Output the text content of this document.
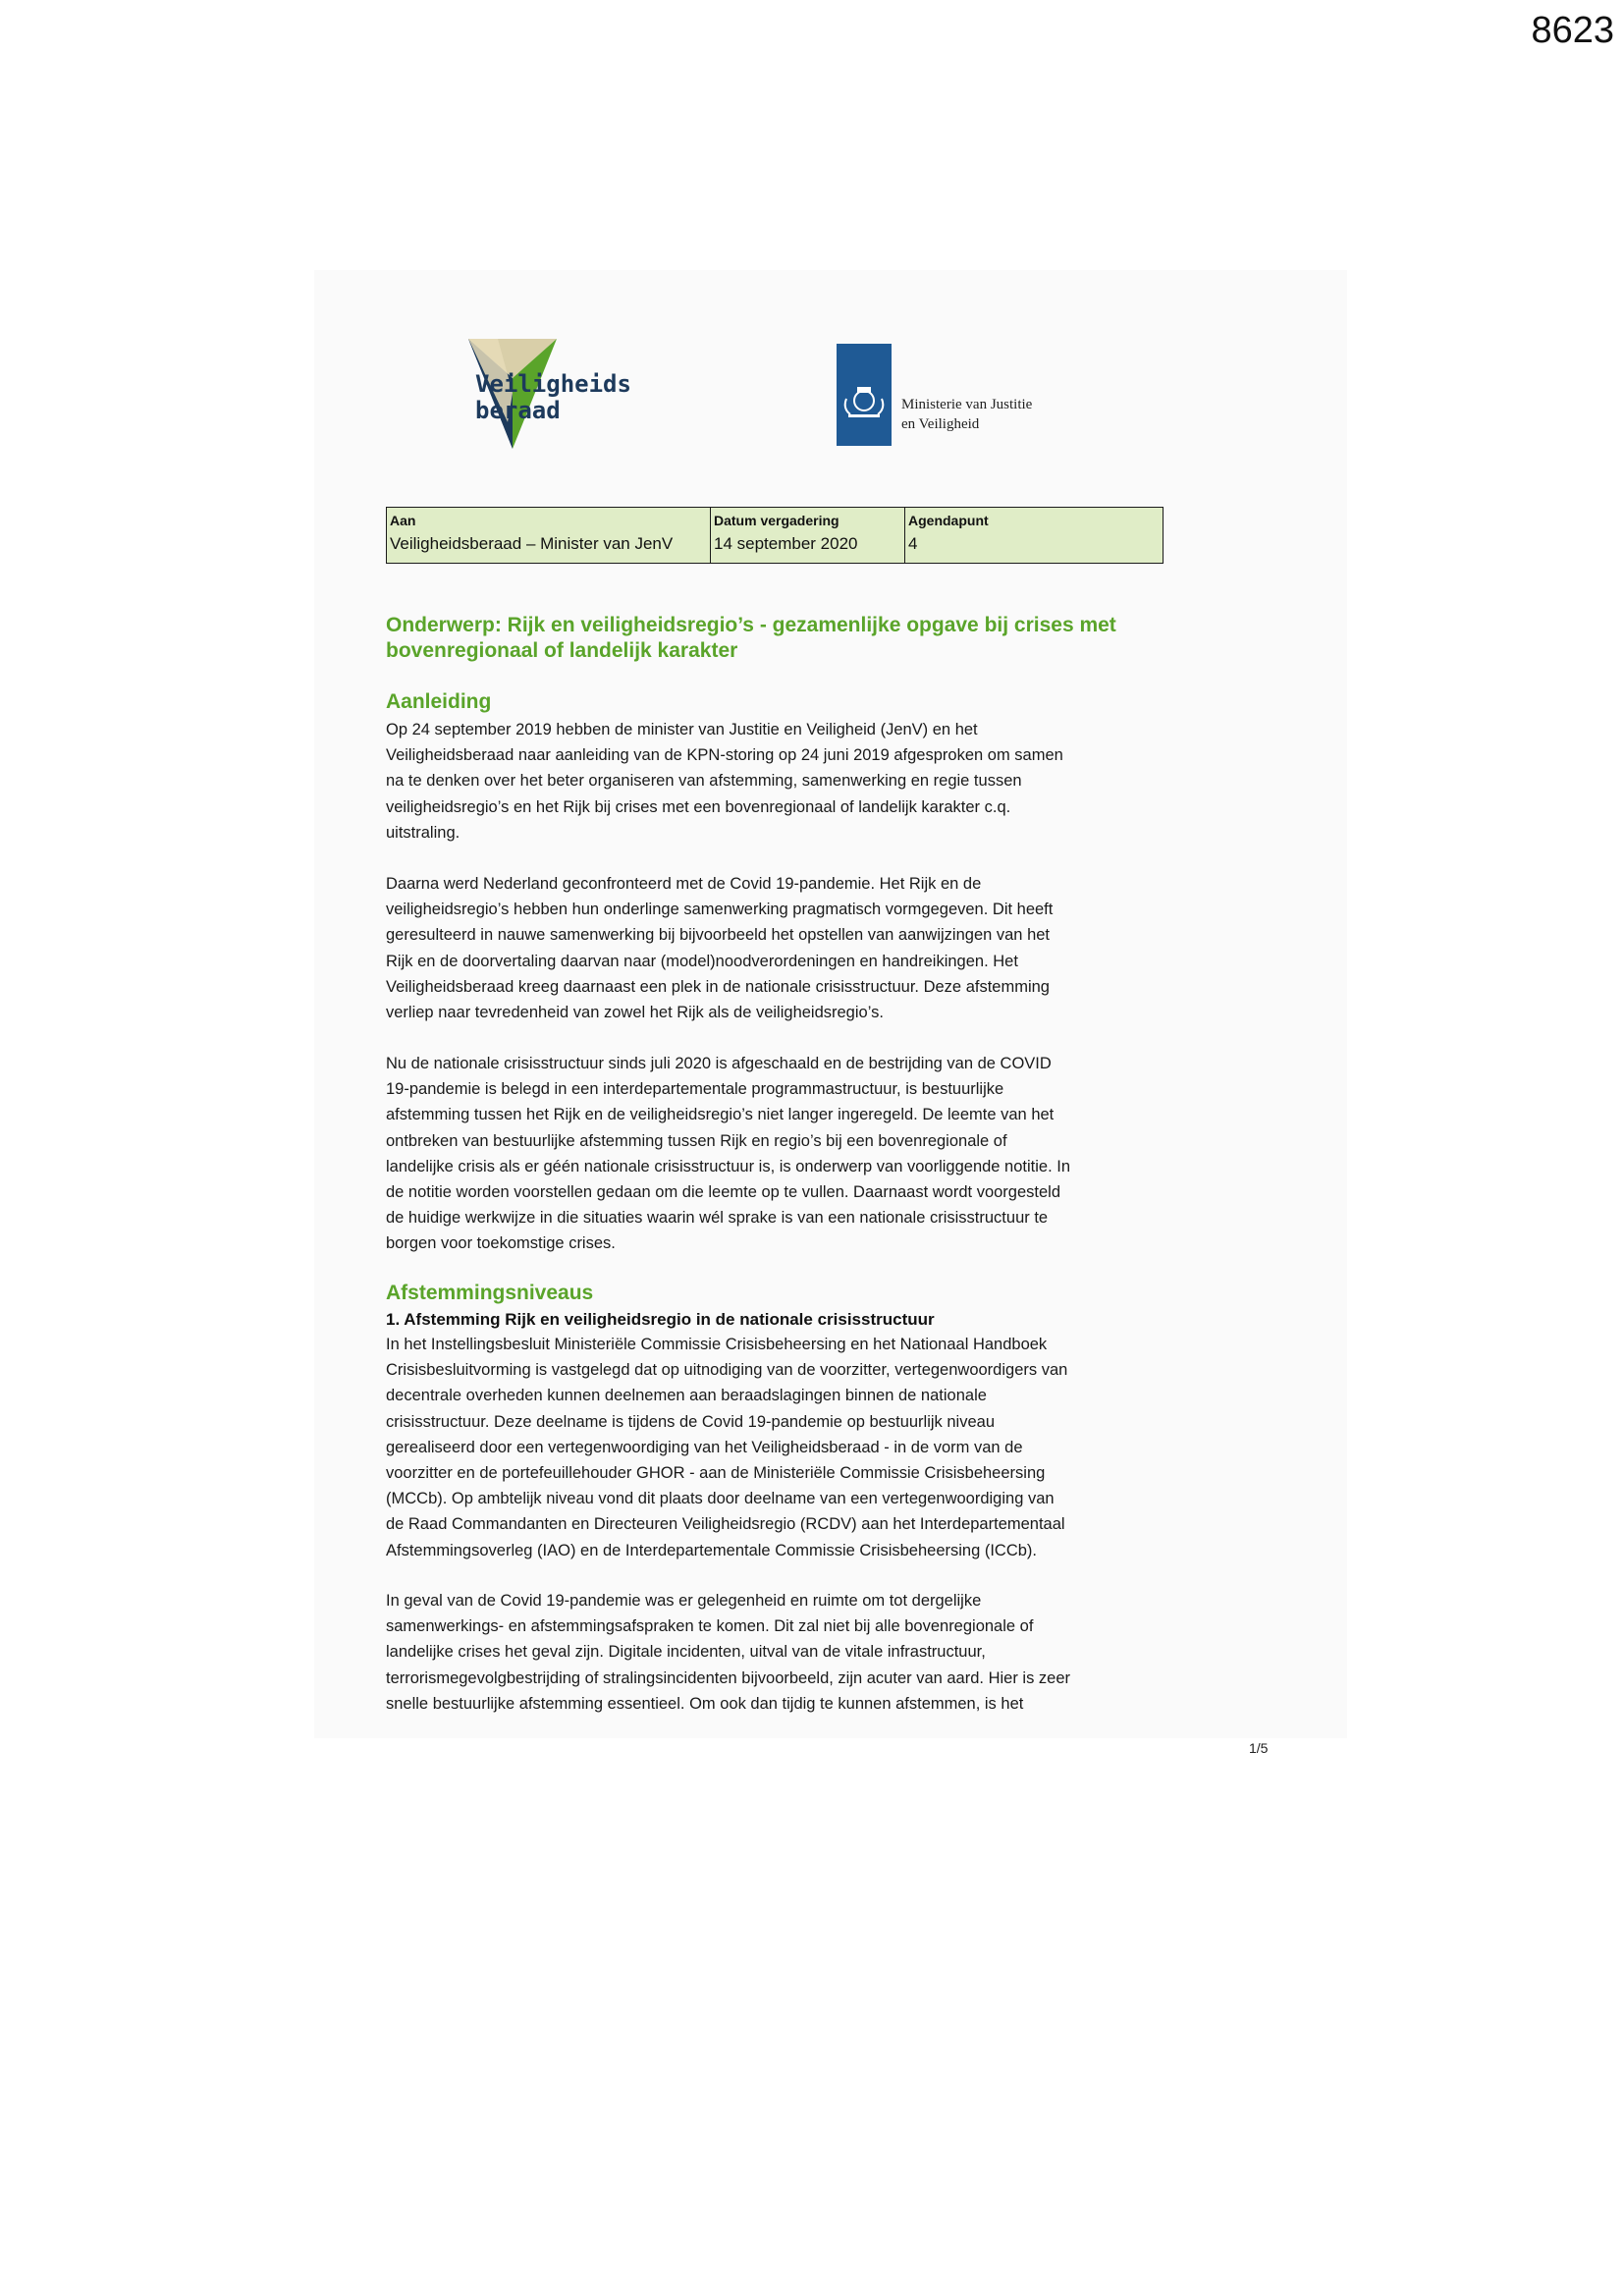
8623
Veiligheids
beraad	Ministerie van Justitie
en Veiligheid
Aan
Veiligheidsberaad – Minister van JenV
Datum vergadering
14 september 2020
Agendapunt
4
Onderwerp: Rijk en veiligheidsregio’s - gezamenlijke opgave bij crises met bovenregionaal of landelijk karakter
Aanleiding
Op 24 september 2019 hebben de minister van Justitie en Veiligheid (JenV) en het
Veiligheidsberaad naar aanleiding van de KPN-storing op 24 juni 2019 afgesproken om samen
na te denken over het beter organiseren van afstemming, samenwerking en regie tussen
veiligheidsregio’s en het Rijk bij crises met een bovenregionaal of landelijk karakter c.q.
uitstraling.
Daarna werd Nederland geconfronteerd met de Covid 19-pandemie. Het Rijk en de
veiligheidsregio’s hebben hun onderlinge samenwerking pragmatisch vormgegeven. Dit heeft
geresulteerd in nauwe samenwerking bij bijvoorbeeld het opstellen van aanwijzingen van het
Rijk en de doorvertaling daarvan naar (model)noodverordeningen en handreikingen. Het
Veiligheidsberaad kreeg daarnaast een plek in de nationale crisisstructuur. Deze afstemming
verliep naar tevredenheid van zowel het Rijk als de veiligheidsregio’s.
Nu de nationale crisisstructuur sinds juli 2020 is afgeschaald en de bestrijding van de COVID
19-pandemie is belegd in een interdepartementale programmastructuur, is bestuurlijke
afstemming tussen het Rijk en de veiligheidsregio’s niet langer ingeregeld. De leemte van het
ontbreken van bestuurlijke afstemming tussen Rijk en regio’s bij een bovenregionale of
landelijke crisis als er géén nationale crisisstructuur is, is onderwerp van voorliggende notitie. In
de notitie worden voorstellen gedaan om die leemte op te vullen. Daarnaast wordt voorgesteld
de huidige werkwijze in die situaties waarin wél sprake is van een nationale crisisstructuur te
borgen voor toekomstige crises.
Afstemmingsniveaus
1. Afstemming Rijk en veiligheidsregio in de nationale crisisstructuur
In het Instellingsbesluit Ministeriële Commissie Crisisbeheersing en het Nationaal Handboek
Crisisbesluitvorming is vastgelegd dat op uitnodiging van de voorzitter, vertegenwoordigers van
decentrale overheden kunnen deelnemen aan beraadslagingen binnen de nationale
crisisstructuur. Deze deelname is tijdens de Covid 19-pandemie op bestuurlijk niveau
gerealiseerd door een vertegenwoordiging van het Veiligheidsberaad - in de vorm van de
voorzitter en de portefeuillehouder GHOR - aan de Ministeriële Commissie Crisisbeheersing
(MCCb). Op ambtelijk niveau vond dit plaats door deelname van een vertegenwoordiging van
de Raad Commandanten en Directeuren Veiligheidsregio (RCDV) aan het Interdepartementaal
Afstemmingsoverleg (IAO) en de Interdepartementale Commissie Crisisbeheersing (ICCb).
In geval van de Covid 19-pandemie was er gelegenheid en ruimte om tot dergelijke
samenwerkings- en afstemmingsafspraken te komen. Dit zal niet bij alle bovenregionale of
landelijke crises het geval zijn. Digitale incidenten, uitval van de vitale infrastructuur,
terrorismegevolgbestrijding of stralingsincidenten bijvoorbeeld, zijn acuter van aard. Hier is zeer
snelle bestuurlijke afstemming essentieel. Om ook dan tijdig te kunnen afstemmen, is het
1/5
